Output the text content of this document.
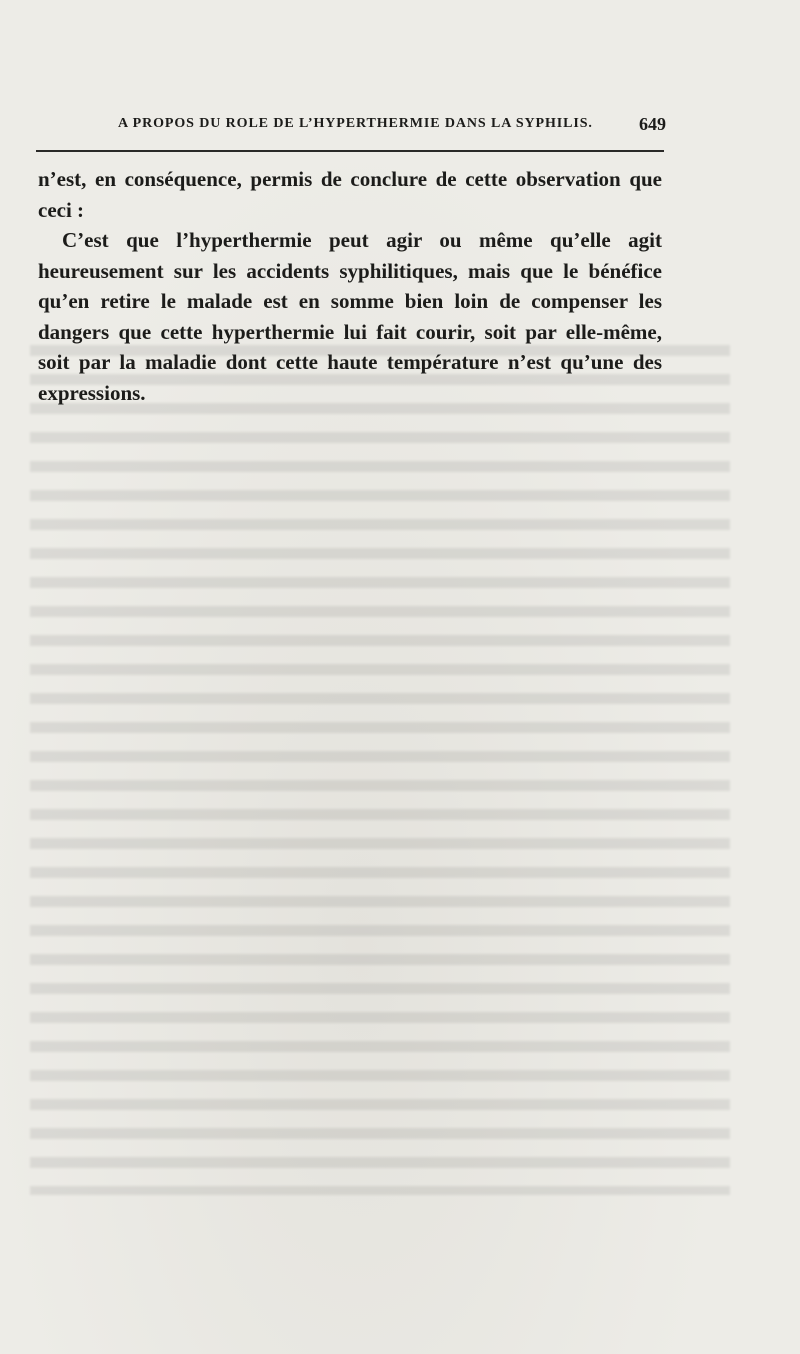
A PROPOS DU ROLE DE L’HYPERTHERMIE DANS LA SYPHILIS.	649

n’est, en conséquence, permis de conclure de cette observation que ceci :

C’est que l’hyperthermie peut agir ou même qu’elle agit heureusement sur les accidents syphilitiques, mais que le bénéfice qu’en retire le malade est en somme bien loin de compenser les dangers que cette hyperthermie lui fait courir, soit par elle-même, soit par la maladie dont cette haute température n’est qu’une des expressions.
